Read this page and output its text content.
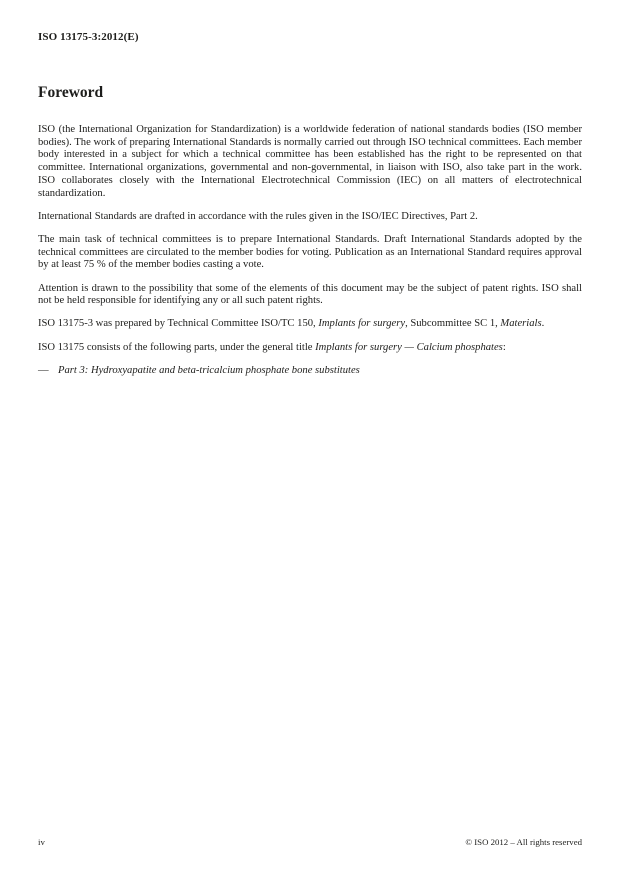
ISO 13175-3:2012(E)
Foreword

ISO (the International Organization for Standardization) is a worldwide federation of national standards bodies (ISO member bodies). The work of preparing International Standards is normally carried out through ISO technical committees. Each member body interested in a subject for which a technical committee has been established has the right to be represented on that committee. International organizations, governmental and non-governmental, in liaison with ISO, also take part in the work. ISO collaborates closely with the International Electrotechnical Commission (IEC) on all matters of electrotechnical standardization.

International Standards are drafted in accordance with the rules given in the ISO/IEC Directives, Part 2.

The main task of technical committees is to prepare International Standards. Draft International Standards adopted by the technical committees are circulated to the member bodies for voting. Publication as an International Standard requires approval by at least 75 % of the member bodies casting a vote.

Attention is drawn to the possibility that some of the elements of this document may be the subject of patent rights. ISO shall not be held responsible for identifying any or all such patent rights.

ISO 13175-3 was prepared by Technical Committee ISO/TC 150, Implants for surgery, Subcommittee SC 1, Materials.

ISO 13175 consists of the following parts, under the general title Implants for surgery — Calcium phosphates:

— Part 3: Hydroxyapatite and beta-tricalcium phosphate bone substitutes

iv	© ISO 2012 – All rights reserved
